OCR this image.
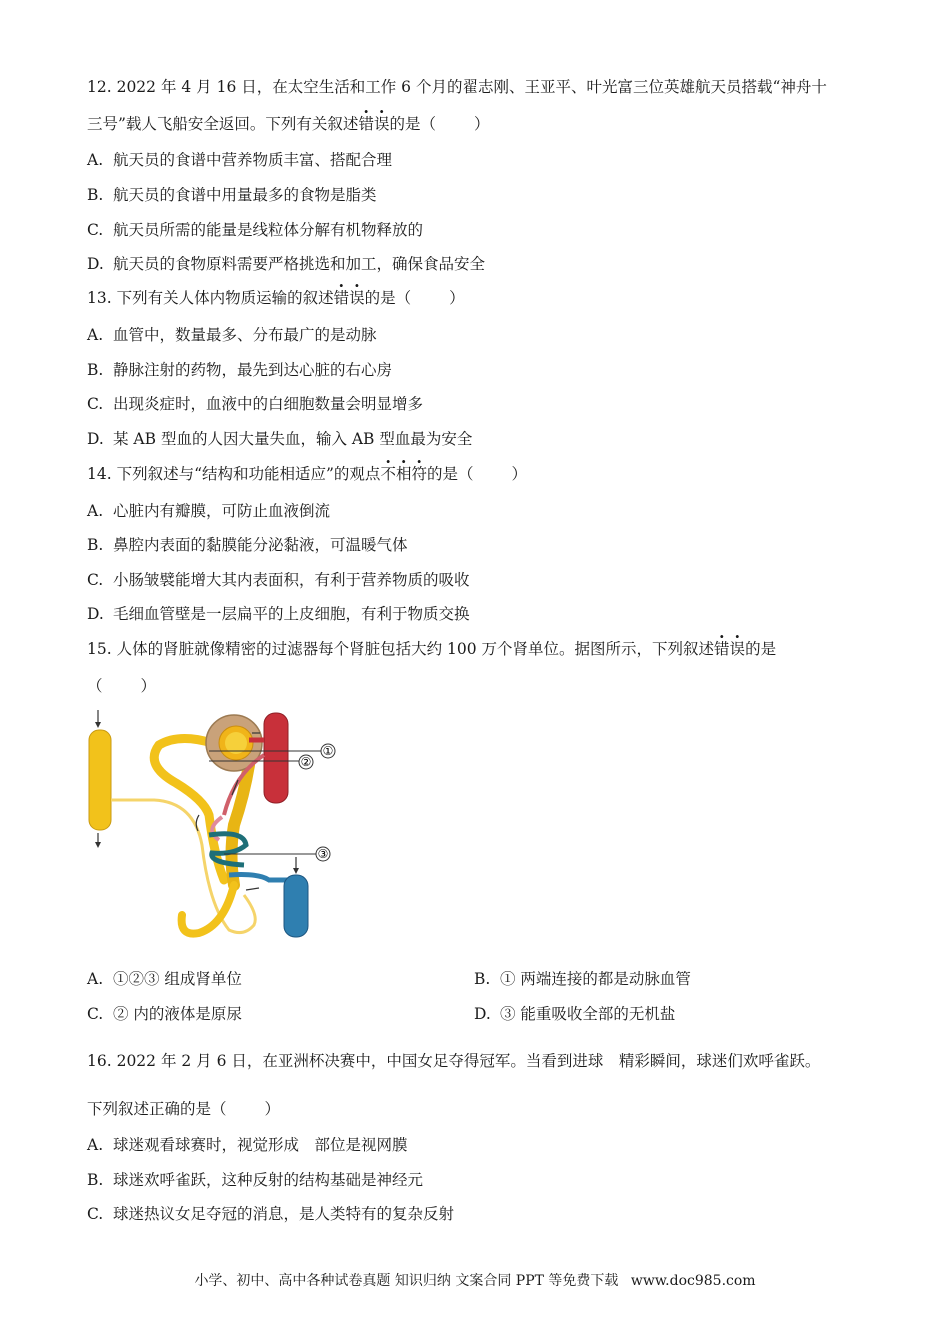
12. 2022 年 4 月 16 日，在太空生活和工作 6 个月的翟志刚、王亚平、叶光富三位英雄航天员搭载“神舟十
三号”载人飞船安全返回。下列有关叙述错误的是（ ）
A. 航天员的食谱中营养物质丰富、搭配合理
B. 航天员的食谱中用量最多的食物是脂类
C. 航天员所需的能量是线粒体分解有机物释放的
D. 航天员的食物原料需要严格挑选和加工，确保食品安全
13. 下列有关人体内物质运输的叙述错误的是（ ）
A. 血管中，数量最多、分布最广的是动脉
B. 静脉注射的药物，最先到达心脏的右心房
C. 出现炎症时，血液中的白细胞数量会明显增多
D. 某 AB 型血的人因大量失血，输入 AB 型血最为安全
14. 下列叙述与“结构和功能相适应”的观点不相符的是（ ）
A. 心脏内有瓣膜，可防止血液倒流
B. 鼻腔内表面的黏膜能分泌黏液，可温暖气体
C. 小肠皱襞能增大其内表面积，有利于营养物质的吸收
D. 毛细血管壁是一层扁平的上皮细胞，有利于物质交换
15. 人体的肾脏就像精密的过滤器每个肾脏包括大约 100 万个肾单位。据图所示，下列叙述错误的是
（ ）
①
②
③
A. ①②③ 组成肾单位	B. ① 两端连接的都是动脉血管
C. ② 内的液体是原尿	D. ③ 能重吸收全部的无机盐
16. 2022 年 2 月 6 日，在亚洲杯决赛中，中国女足夺得冠军。当看到进球　精彩瞬间，球迷们欢呼雀跃。
下列叙述正确的是（ ）
A. 球迷观看球赛时，视觉形成　部位是视网膜
B. 球迷欢呼雀跃，这种反射的结构基础是神经元
C. 球迷热议女足夺冠的消息，是人类特有的复杂反射
小学、初中、高中各种试卷真题 知识归纳 文案合同 PPT 等免费下载 www.doc985.com
